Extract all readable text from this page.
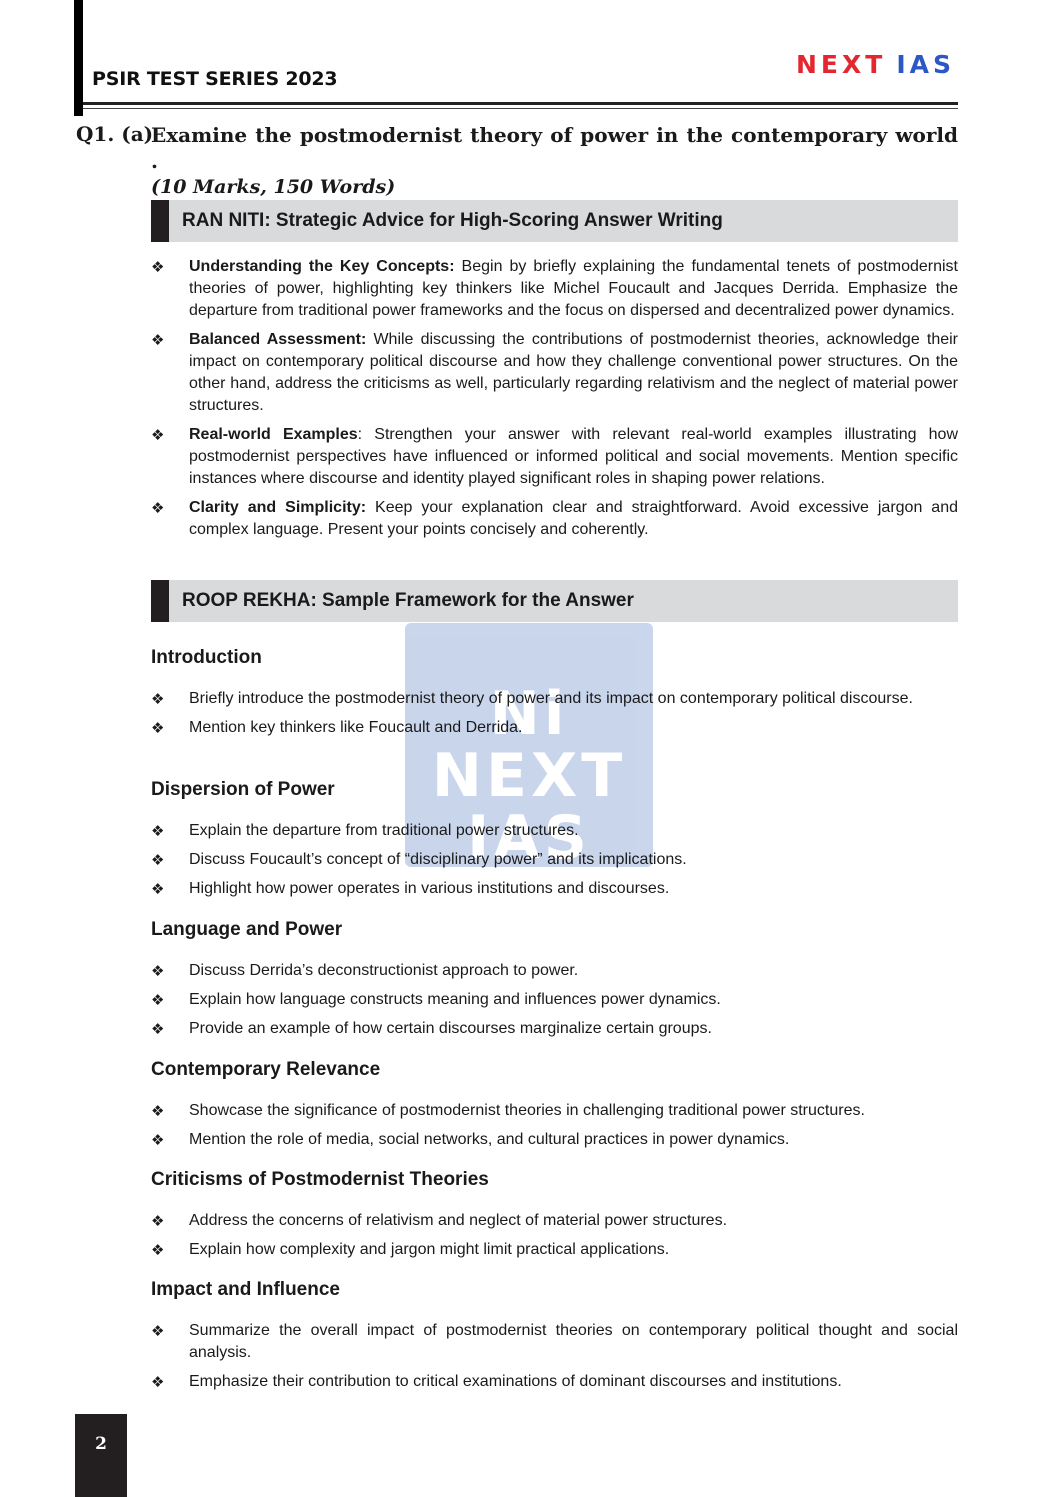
PSIR TEST SERIES 2023	NEXT IAS
Q1. (a)
Examine the postmodernist theory of power in the contemporary world .
(10 Marks, 150 Words)
RAN NITI: Strategic Advice for High-Scoring Answer Writing
❖ Understanding the Key Concepts: Begin by briefly explaining the fundamental tenets of postmodernist theories of power, highlighting key thinkers like Michel Foucault and Jacques Derrida. Emphasize the departure from traditional power frameworks and the focus on dispersed and decentralized power dynamics.
❖ Balanced Assessment: While discussing the contributions of postmodernist theories, acknowledge their impact on contemporary political discourse and how they challenge conventional power structures. On the other hand, address the criticisms as well, particularly regarding relativism and the neglect of material power structures.
❖ Real-world Examples: Strengthen your answer with relevant real-world examples illustrating how postmodernist perspectives have influenced or informed political and social movements. Mention specific instances where discourse and identity played significant roles in shaping power relations.
❖ Clarity and Simplicity: Keep your explanation clear and straightforward. Avoid excessive jargon and complex language. Present your points concisely and coherently.
ROOP REKHA: Sample Framework for the Answer
Ni
NEXT
IAS
Introduction
❖ Briefly introduce the postmodernist theory of power and its impact on contemporary political discourse.
❖ Mention key thinkers like Foucault and Derrida.
Dispersion of Power
❖ Explain the departure from traditional power structures.
❖ Discuss Foucault’s concept of “disciplinary power” and its implications.
❖ Highlight how power operates in various institutions and discourses.
Language and Power
❖ Discuss Derrida’s deconstructionist approach to power.
❖ Explain how language constructs meaning and influences power dynamics.
❖ Provide an example of how certain discourses marginalize certain groups.
Contemporary Relevance
❖ Showcase the significance of postmodernist theories in challenging traditional power structures.
❖ Mention the role of media, social networks, and cultural practices in power dynamics.
Criticisms of Postmodernist Theories
❖ Address the concerns of relativism and neglect of material power structures.
❖ Explain how complexity and jargon might limit practical applications.
Impact and Influence
❖ Summarize the overall impact of postmodernist theories on contemporary political thought and social analysis.
❖ Emphasize their contribution to critical examinations of dominant discourses and institutions.
2
